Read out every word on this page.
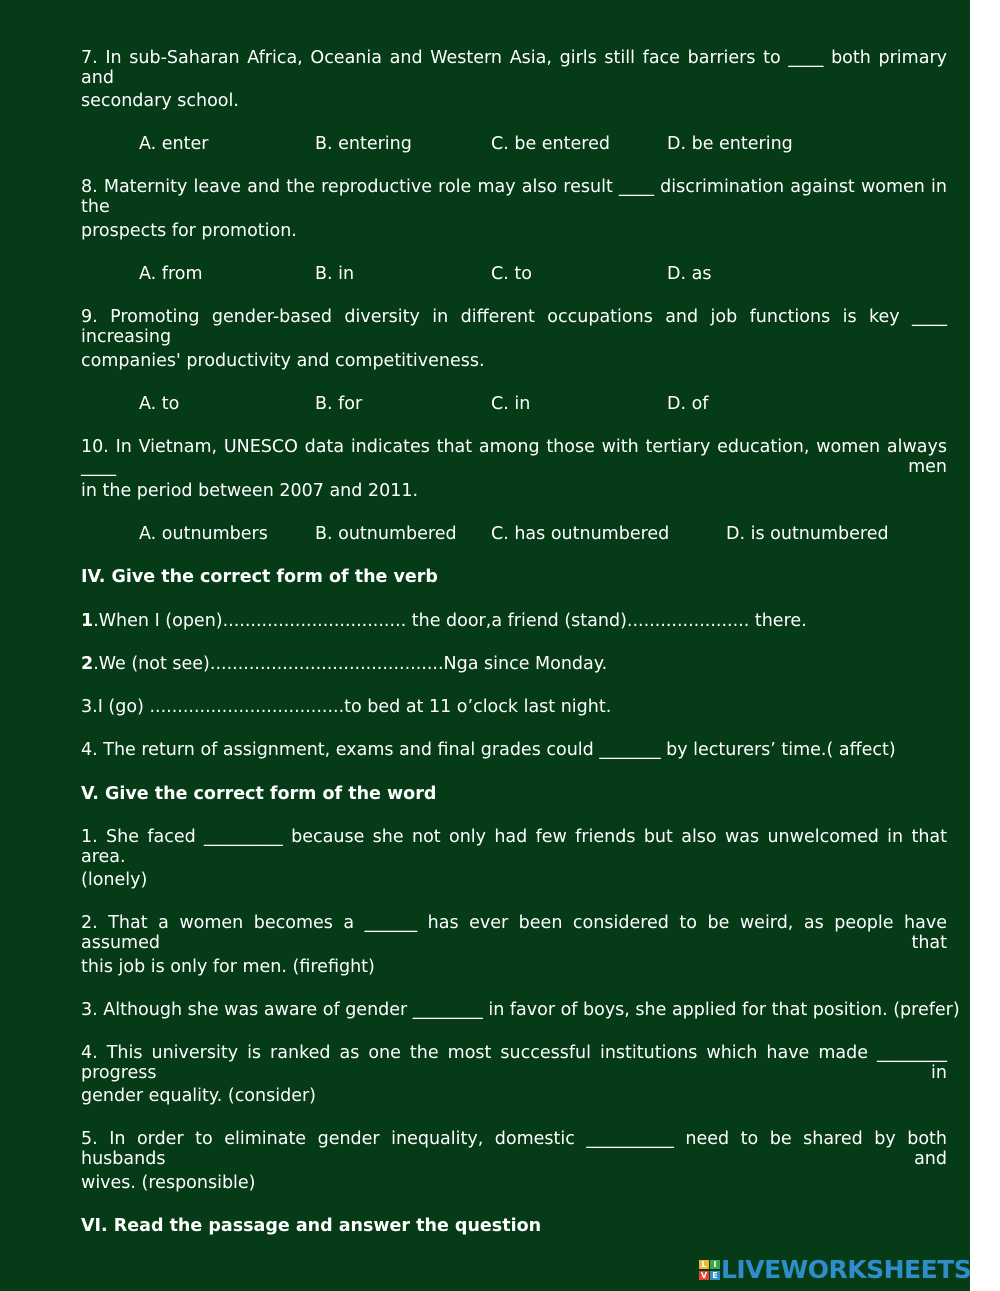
7. In sub-Saharan Africa, Oceania and Western Asia, girls still face barriers to ____ both primary and
secondary school.
A. enter	B. entering	C. be entered	D. be entering
8. Maternity leave and the reproductive role may also result ____ discrimination against women in the
prospects for promotion.
A. from	B. in	C. to	D. as
9. Promoting gender-based diversity in different occupations and job functions is key ____ increasing
companies' productivity and competitiveness.
A. to	B. for	C. in	D. of
10. In Vietnam, UNESCO data indicates that among those with tertiary education, women always ____ men
in the period between 2007 and 2011.
A. outnumbers	B. outnumbered C. has outnumbered	D. is outnumbered
IV. Give the correct form of the verb
1.When I (open)................................. the door,a friend (stand)...................... there.
2.We (not see)..........................................Nga since Monday.
3.I (go) ...................................to bed at 11 o’clock last night.
4. The return of assignment, exams and final grades could _______ by lecturers’ time.( affect)
V. Give the correct form of the word
1. She faced _________ because she not only had few friends but also was unwelcomed in that area.
(lonely)
2. That a women becomes a ______ has ever been considered to be weird, as people have assumed that
this job is only for men. (firefight)
3. Although she was aware of gender ________ in favor of boys, she applied for that position. (prefer)
4. This university is ranked as one the most successful institutions which have made ________ progress in
gender equality. (consider)
5. In order to eliminate gender inequality, domestic __________ need to be shared by both husbands and
wives. (responsible)
VI. Read the passage and answer the question
L I
V E LIVEWORKSHEETS
